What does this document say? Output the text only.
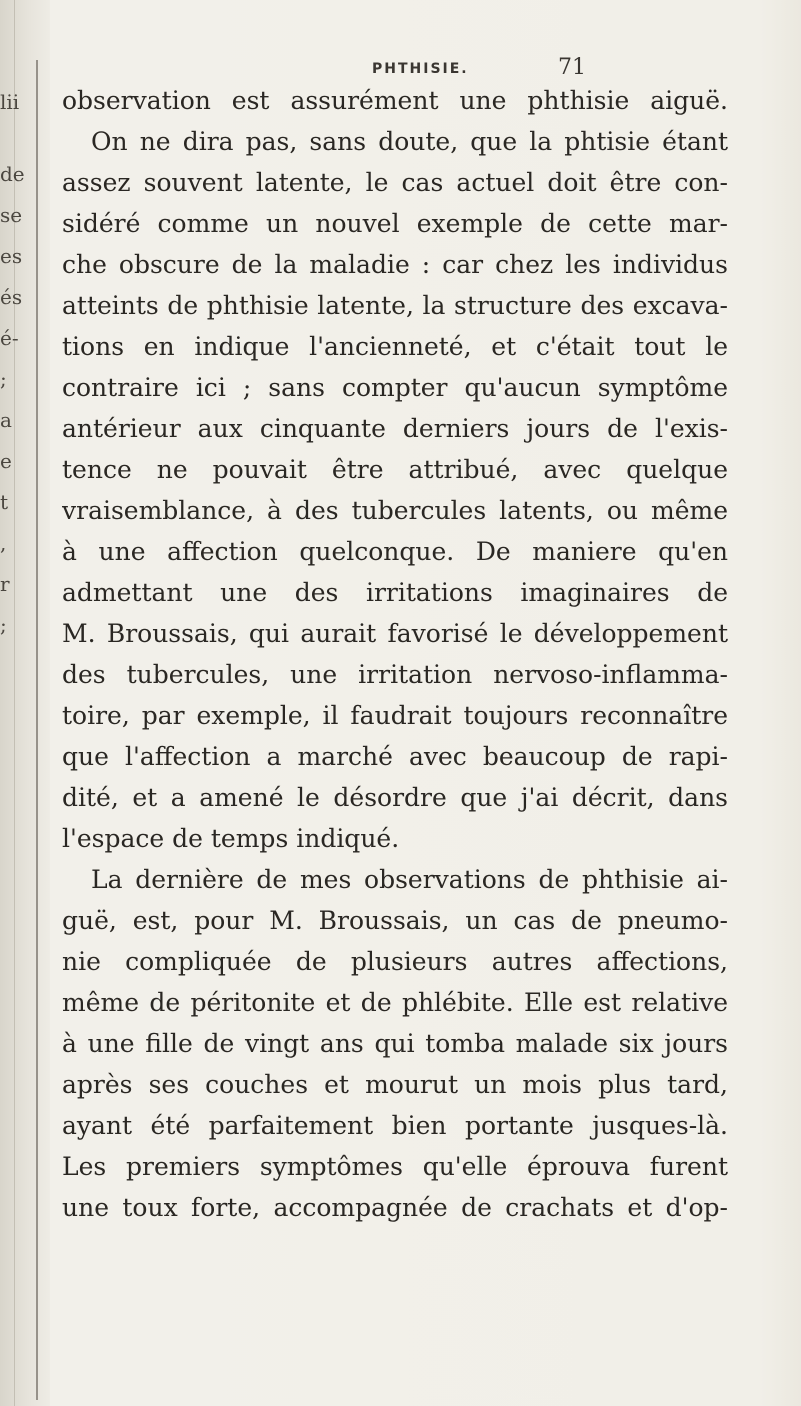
lii
de
se
es
és
é-
;
a
e
t
,
r
;
PHTHISIE.	71
observation est assurément une phthisie aiguë.
On ne dira pas, sans doute, que la phtisie étant
assez souvent latente, le cas actuel doit être con-
sidéré comme un nouvel exemple de cette mar-
che obscure de la maladie : car chez les individus
atteints de phthisie latente, la structure des excava-
tions en indique l'ancienneté, et c'était tout le
contraire ici ; sans compter qu'aucun symptôme
antérieur aux cinquante derniers jours de l'exis-
tence ne pouvait être attribué, avec quelque
vraisemblance, à des tubercules latents, ou même
à une affection quelconque. De maniere qu'en
admettant une des irritations imaginaires de
M. Broussais, qui aurait favorisé le développement
des tubercules, une irritation nervoso-inflamma-
toire, par exemple, il faudrait toujours reconnaître
que l'affection a marché avec beaucoup de rapi-
dité, et a amené le désordre que j'ai décrit, dans
l'espace de temps indiqué.
La dernière de mes observations de phthisie ai-
guë, est, pour M. Broussais, un cas de pneumo-
nie compliquée de plusieurs autres affections,
même de péritonite et de phlébite. Elle est relative
à une fille de vingt ans qui tomba malade six jours
après ses couches et mourut un mois plus tard,
ayant été parfaitement bien portante jusques-là.
Les premiers symptômes qu'elle éprouva furent
une toux forte, accompagnée de crachats et d'op-
